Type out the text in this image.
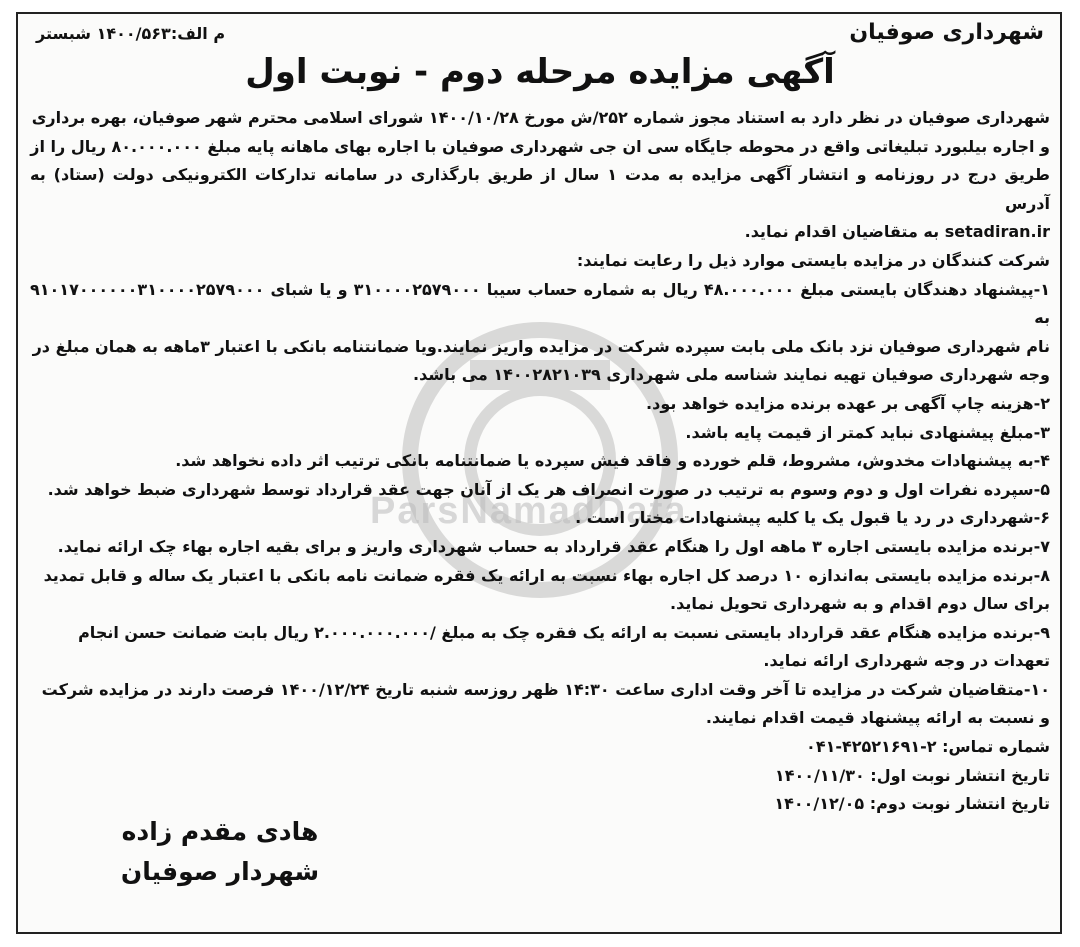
ParsNamadData
شهرداری صوفیان
م الف:۱۴۰۰/۵۶۳ شبستر
آگهی مزایده مرحله دوم - نوبت اول

شهرداری صوفیان در نظر دارد به استناد مجوز شماره ۲۵۲/ش مورخ ۱۴۰۰/۱۰/۲۸ شورای اسلامی محترم شهر صوفیان، بهره برداری

و اجاره بیلبورد تبلیغاتی واقع در محوطه جایگاه سی ان جی شهرداری صوفیان با اجاره بهای ماهانه پایه مبلغ ۸۰.۰۰۰.۰۰۰ ریال را از

طریق درج در روزنامه و انتشار آگهی مزایده به مدت ۱ سال از طریق بارگذاری در سامانه تدارکات الکترونیکی دولت (ستاد) به آدرس

setadiran.ir به متقاضیان اقدام نماید.

شرکت کنندگان در مزایده بایستی موارد ذیل را رعایت نمایند:

۱-پیشنهاد دهندگان بایستی مبلغ ۴۸.۰۰۰.۰۰۰ ریال به شماره حساب سیبا ۳۱۰۰۰۰۲۵۷۹۰۰۰ و یا شبای ۹۱۰۱۷۰۰۰۰۰۰۳۱۰۰۰۰۲۵۷۹۰۰۰ به

نام شهرداری صوفیان نزد بانک ملی بابت سپرده شرکت در مزایده واریز نمایند.ویا ضمانتنامه بانکی با اعتبار ۳ماهه به همان مبلغ در

وجه شهرداری صوفیان تهیه نمایند شناسه ملی شهرداری ۱۴۰۰۲۸۲۱۰۳۹ می باشد.

۲-هزینه چاپ آگهی بر عهده برنده مزایده خواهد بود.

۳-مبلغ پیشنهادی نباید کمتر از قیمت پایه باشد.

۴-به پیشنهادات مخدوش، مشروط، قلم خورده و فاقد فیش سپرده یا ضمانتنامه بانکی ترتیب اثر داده نخواهد شد.

۵-سپرده نفرات اول و دوم وسوم به ترتیب در صورت انصراف هر یک از آنان جهت عقد قرارداد توسط شهرداری ضبط خواهد شد.

۶-شهرداری در رد یا قبول یک یا کلیه پیشنهادات مختار است .

۷-برنده مزایده بایستی اجاره ۳ ماهه اول را هنگام عقد قرارداد به حساب شهرداری واریز و برای بقیه اجاره بهاء چک ارائه نماید.

۸-برنده مزایده بایستی به‌اندازه ۱۰ درصد کل اجاره بهاء نسبت به ارائه یک فقره ضمانت نامه بانکی با اعتبار یک ساله و قابل تمدید

برای سال دوم اقدام و به شهرداری تحویل نماید.

۹-برنده مزایده هنگام عقد قرارداد بایستی نسبت به ارائه یک فقره چک به مبلغ /۲.۰۰۰.۰۰۰.۰۰۰ ریال بابت ضمانت حسن انجام

تعهدات در وجه شهرداری ارائه نماید.

۱۰-متقاضیان شرکت در مزایده تا آخر وقت اداری ساعت ۱۴:۳۰ ظهر روزسه شنبه تاریخ ۱۴۰۰/۱۲/۲۴ فرصت دارند در مزایده شرکت

و نسبت به ارائه پیشنهاد قیمت اقدام نمایند.

شماره تماس: ۲-۴۲۵۲۱۶۹۱-۰۴۱

تاریخ انتشار نوبت اول: ۱۴۰۰/۱۱/۳۰

تاریخ انتشار نوبت دوم: ۱۴۰۰/۱۲/۰۵

هادی مقدم زاده
شهردار صوفیان
